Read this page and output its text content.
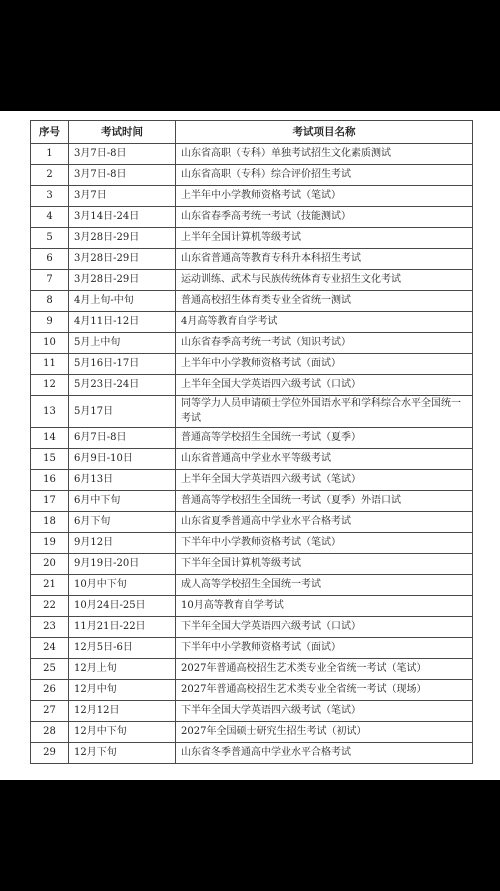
序号	考试时间	考试项目名称
1	3月7日-8日	山东省高职（专科）单独考试招生文化素质测试
2	3月7日-8日	山东省高职（专科）综合评价招生考试
3	3月7日	上半年中小学教师资格考试（笔试）
4	3月14日-24日	山东省春季高考统一考试（技能测试）
5	3月28日-29日	上半年全国计算机等级考试
6	3月28日-29日	山东省普通高等教育专科升本科招生考试
7	3月28日-29日	运动训练、武术与民族传统体育专业招生文化考试
8	4月上旬-中旬	普通高校招生体育类专业全省统一测试
9	4月11日-12日	4月高等教育自学考试
10	5月上中旬	山东省春季高考统一考试（知识考试）
11	5月16日-17日	上半年中小学教师资格考试（面试）
12	5月23日-24日	上半年全国大学英语四六级考试（口试）
13	5月17日	同等学力人员申请硕士学位外国语水平和学科综合水平全国统一考试
14	6月7日-8日	普通高等学校招生全国统一考试（夏季）
15	6月9日-10日	山东省普通高中学业水平等级考试
16	6月13日	上半年全国大学英语四六级考试（笔试）
17	6月中下旬	普通高等学校招生全国统一考试（夏季）外语口试
18	6月下旬	山东省夏季普通高中学业水平合格考试
19	9月12日	下半年中小学教师资格考试（笔试）
20	9月19日-20日	下半年全国计算机等级考试
21	10月中下旬	成人高等学校招生全国统一考试
22	10月24日-25日	10月高等教育自学考试
23	11月21日-22日	下半年全国大学英语四六级考试（口试）
24	12月5日-6日	下半年中小学教师资格考试（面试）
25	12月上旬	2027年普通高校招生艺术类专业全省统一考试（笔试）
26	12月中旬	2027年普通高校招生艺术类专业全省统一考试（现场）
27	12月12日	下半年全国大学英语四六级考试（笔试）
28	12月中下旬	2027年全国硕士研究生招生考试（初试）
29	12月下旬	山东省冬季普通高中学业水平合格考试
